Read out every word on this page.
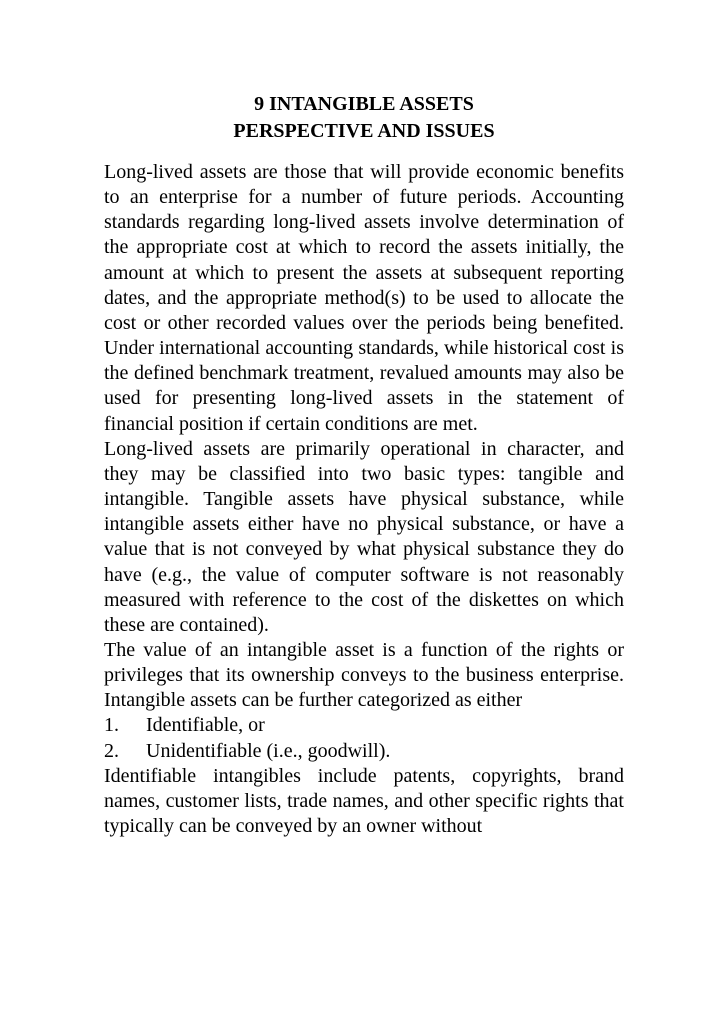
9 INTANGIBLE ASSETS
PERSPECTIVE AND ISSUES

Long-lived assets are those that will provide economic benefits to an enterprise for a number of future periods. Accounting standards regarding long-lived assets involve determination of the appropriate cost at which to record the assets initially, the amount at which to present the assets at subsequent reporting dates, and the appropriate method(s) to be used to allocate the cost or other recorded values over the periods being benefited. Under international accounting standards, while historical cost is the defined benchmark treatment, revalued amounts may also be used for presenting long-lived assets in the statement of financial position if certain conditions are met.

Long-lived assets are primarily operational in character, and they may be classified into two basic types: tangible and intangible. Tangible assets have physical substance, while intangible assets either have no physical substance, or have a value that is not conveyed by what physical substance they do have (e.g., the value of computer software is not reasonably measured with reference to the cost of the diskettes on which these are contained).

The value of an intangible asset is a function of the rights or privileges that its ownership conveys to the business enterprise. Intangible assets can be further categorized as either

1.	Identifiable, or
2.	Unidentifiable (i.e., goodwill).

Identifiable intangibles include patents, copyrights, brand names, customer lists, trade names, and other specific rights that typically can be conveyed by an owner without
